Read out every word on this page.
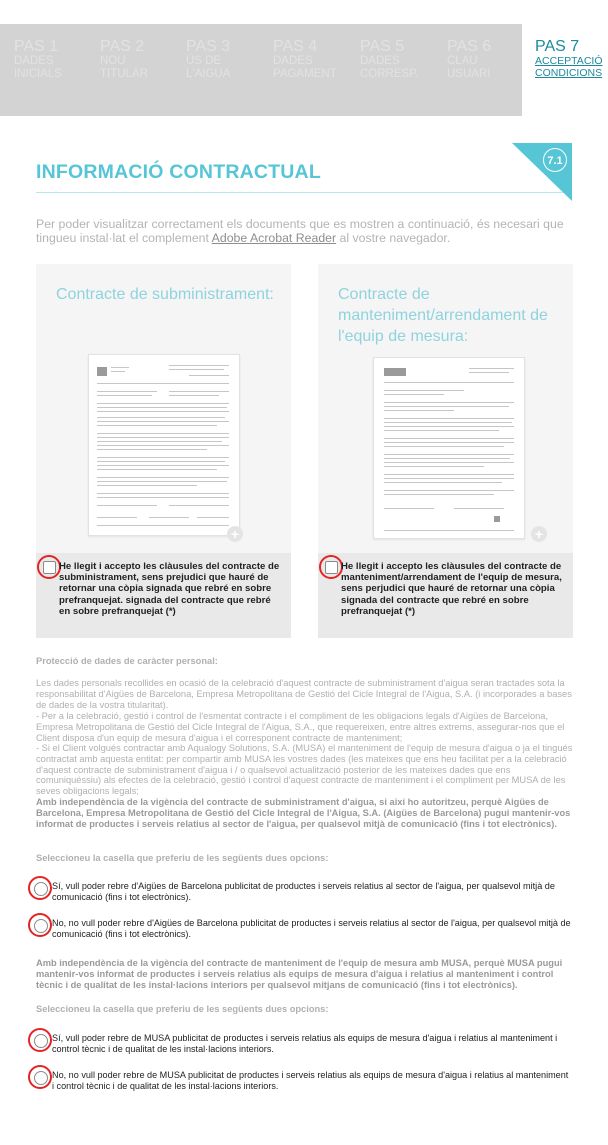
PAS 1
DADES
INICIALS
PAS 2
NOU
TITULAR
PAS 3
ÚS DE
L'AIGUA
PAS 4
DADES
PAGAMENT
PAS 5
DADES
CORRESP.
PAS 6
CLAU
USUARI
PAS 7
ACCEPTACIÓ
CONDICIONS
INFORMACIÓ CONTRACTUAL	7.1
Per poder visualitzar correctament els documents que es mostren a continuació, és necesari que tingueu instal·lat el complement Adobe Acrobat Reader al vostre navegador.
Contracte de subministrament:
+
He llegit i accepto les clàusules del contracte de subministrament, sens prejudici que hauré de retornar una còpia signada que rebré en sobre prefranquejat. signada del contracte que rebré en sobre prefranquejat (*)
Contracte de manteniment/arrendament de l'equip de mesura:
+
He llegit i accepto les clàusules del contracte de manteniment/arrendament de l'equip de mesura, sens perjudici que hauré de retornar una còpia signada del contracte que rebré en sobre prefranquejat (*)
Protecció de dades de caràcter personal:
Les dades personals recollides en ocasió de la celebració d'aquest contracte de subministrament d'aigua seran tractades sota la responsabilitat d'Aigües de Barcelona, Empresa Metropolitana de Gestió del Cicle Integral de l'Aigua, S.A. (i incorporades a bases de dades de la vostra titularitat).
- Per a la celebració, gestió i control de l'esmentat contracte i el compliment de les obligacions legals d'Aigües de Barcelona, Empresa Metropolitana de Gestió del Cicle Integral de l'Aigua, S.A., que requereixen, entre altres extrems, assegurar-nos que el Client disposa d'un equip de mesura d'aigua i el corresponent contracte de manteniment;
- Si el Client volgués contractar amb Aqualogy Solutions, S.A. (MUSA) el manteniment de l'equip de mesura d'aigua o ja el tingués contractat amb aquesta entitat: per compartir amb MUSA les vostres dades (les mateixes que ens heu facilitat per a la celebració d'aquest contracte de subministrament d'aigua i / o qualsevol actualització posterior de les mateixes dades que ens comuniquéssiu) als efectes de la celebració, gestió i control d'aquest contracte de manteniment i el compliment per MUSA de les seves obligacions legals;
Amb independència de la vigència del contracte de subministrament d'aigua, si així ho autoritzeu, perquè Aigües de Barcelona, Empresa Metropolitana de Gestió del Cicle Integral de l'Aigua, S.A. (Aigües de Barcelona) pugui mantenir-vos informat de productes i serveis relatius al sector de l'aigua, per qualsevol mitjà de comunicació (fins i tot electrònics).
Seleccioneu la casella que preferiu de les següents dues opcions:
Sí, vull poder rebre d'Aigües de Barcelona publicitat de productes i serveis relatius al sector de l'aigua, per qualsevol mitjà de comunicació (fins i tot electrònics).
No, no vull poder rebre d'Aigües de Barcelona publicitat de productes i serveis relatius al sector de l'aigua, per qualsevol mitjà de comunicació (fins i tot electrònics).
Amb independència de la vigència del contracte de manteniment de l'equip de mesura amb MUSA, perquè MUSA pugui mantenir-vos informat de productes i serveis relatius als equips de mesura d'aigua i relatius al manteniment i control tècnic i de qualitat de les instal·lacions interiors per qualsevol mitjans de comunicació (fins i tot electrònics).
Seleccioneu la casella que preferiu de les següents dues opcions:
Sí, vull poder rebre de MUSA publicitat de productes i serveis relatius als equips de mesura d'aigua i relatius al manteniment i control tècnic i de qualitat de les instal·lacions interiors.
No, no vull poder rebre de MUSA publicitat de productes i serveis relatius als equips de mesura d'aigua i relatius al manteniment i control tècnic i de qualitat de les instal·lacions interiors.
